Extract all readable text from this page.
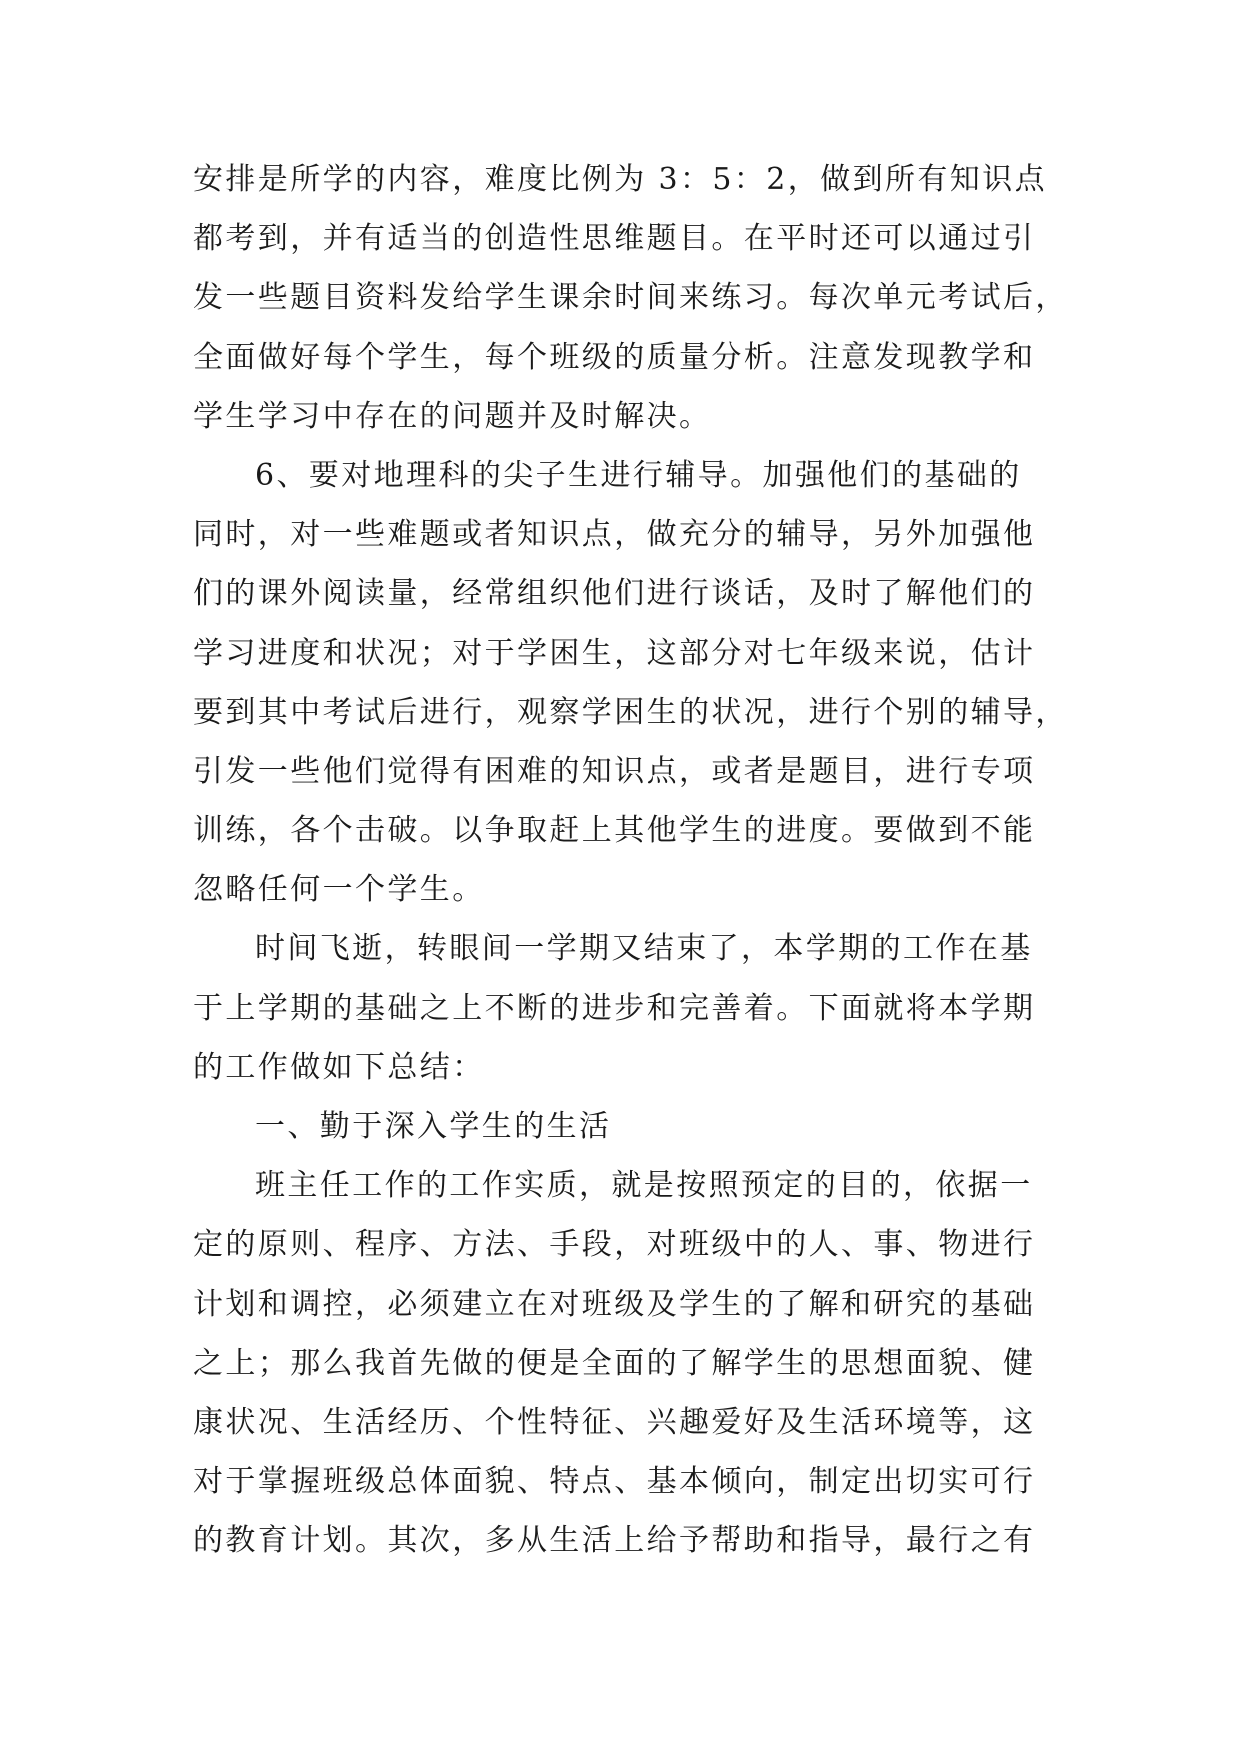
安排是所学的内容，难度比例为 3：5：2，做到所有知识点
都考到，并有适当的创造性思维题目。在平时还可以通过引
发一些题目资料发给学生课余时间来练习。每次单元考试后，
全面做好每个学生，每个班级的质量分析。注意发现教学和
学生学习中存在的问题并及时解决。
6、要对地理科的尖子生进行辅导。加强他们的基础的
同时，对一些难题或者知识点，做充分的辅导，另外加强他
们的课外阅读量，经常组织他们进行谈话，及时了解他们的
学习进度和状况；对于学困生，这部分对七年级来说，估计
要到其中考试后进行，观察学困生的状况，进行个别的辅导，
引发一些他们觉得有困难的知识点，或者是题目，进行专项
训练，各个击破。以争取赶上其他学生的进度。要做到不能
忽略任何一个学生。
时间飞逝，转眼间一学期又结束了，本学期的工作在基
于上学期的基础之上不断的进步和完善着。下面就将本学期
的工作做如下总结：
一、勤于深入学生的生活
班主任工作的工作实质，就是按照预定的目的，依据一
定的原则、程序、方法、手段，对班级中的人、事、物进行
计划和调控，必须建立在对班级及学生的了解和研究的基础
之上；那么我首先做的便是全面的了解学生的思想面貌、健
康状况、生活经历、个性特征、兴趣爱好及生活环境等，这
对于掌握班级总体面貌、特点、基本倾向，制定出切实可行
的教育计划。其次，多从生活上给予帮助和指导，最行之有
